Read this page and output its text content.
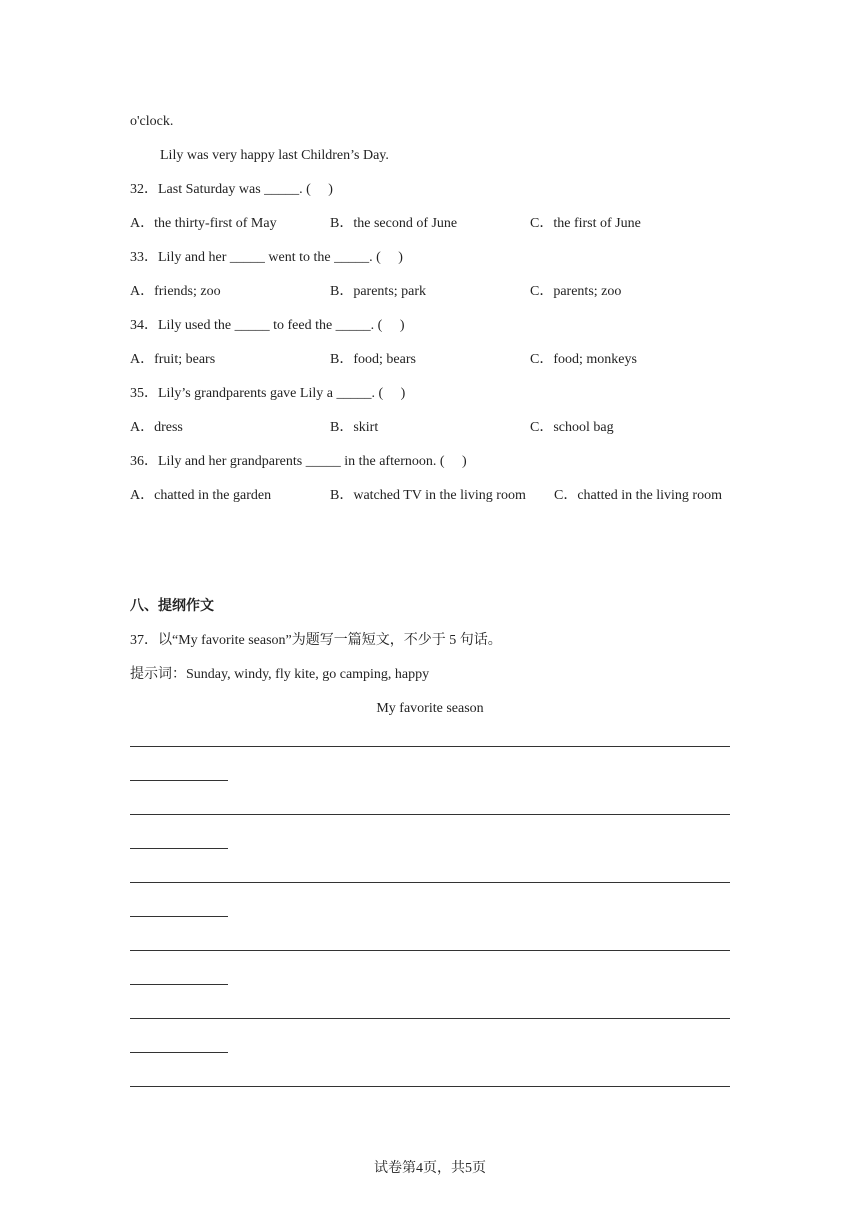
o'clock.
Lily was very happy last Children’s Day.
32．Last Saturday was _____. (　 )
A．the thirty-first of May	B．the second of June	C．the first of June
33．Lily and her _____ went to the _____. (　 )
A．friends; zoo	B．parents; park	C．parents; zoo
34．Lily used the _____ to feed the _____. (　 )
A．fruit; bears	B．food; bears	C．food; monkeys
35．Lily’s grandparents gave Lily a _____. (　 )
A．dress	B．skirt	C．school bag
36．Lily and her grandparents _____ in the afternoon. (　 )
A．chatted in the garden	B．watched TV in the living room C．chatted in the living room
八、提纲作文
37．以“My favorite season”为题写一篇短文，不少于 5 句话。
提示词：Sunday, windy, fly kite, go camping, happy
My favorite season
试卷第4页，共5页
